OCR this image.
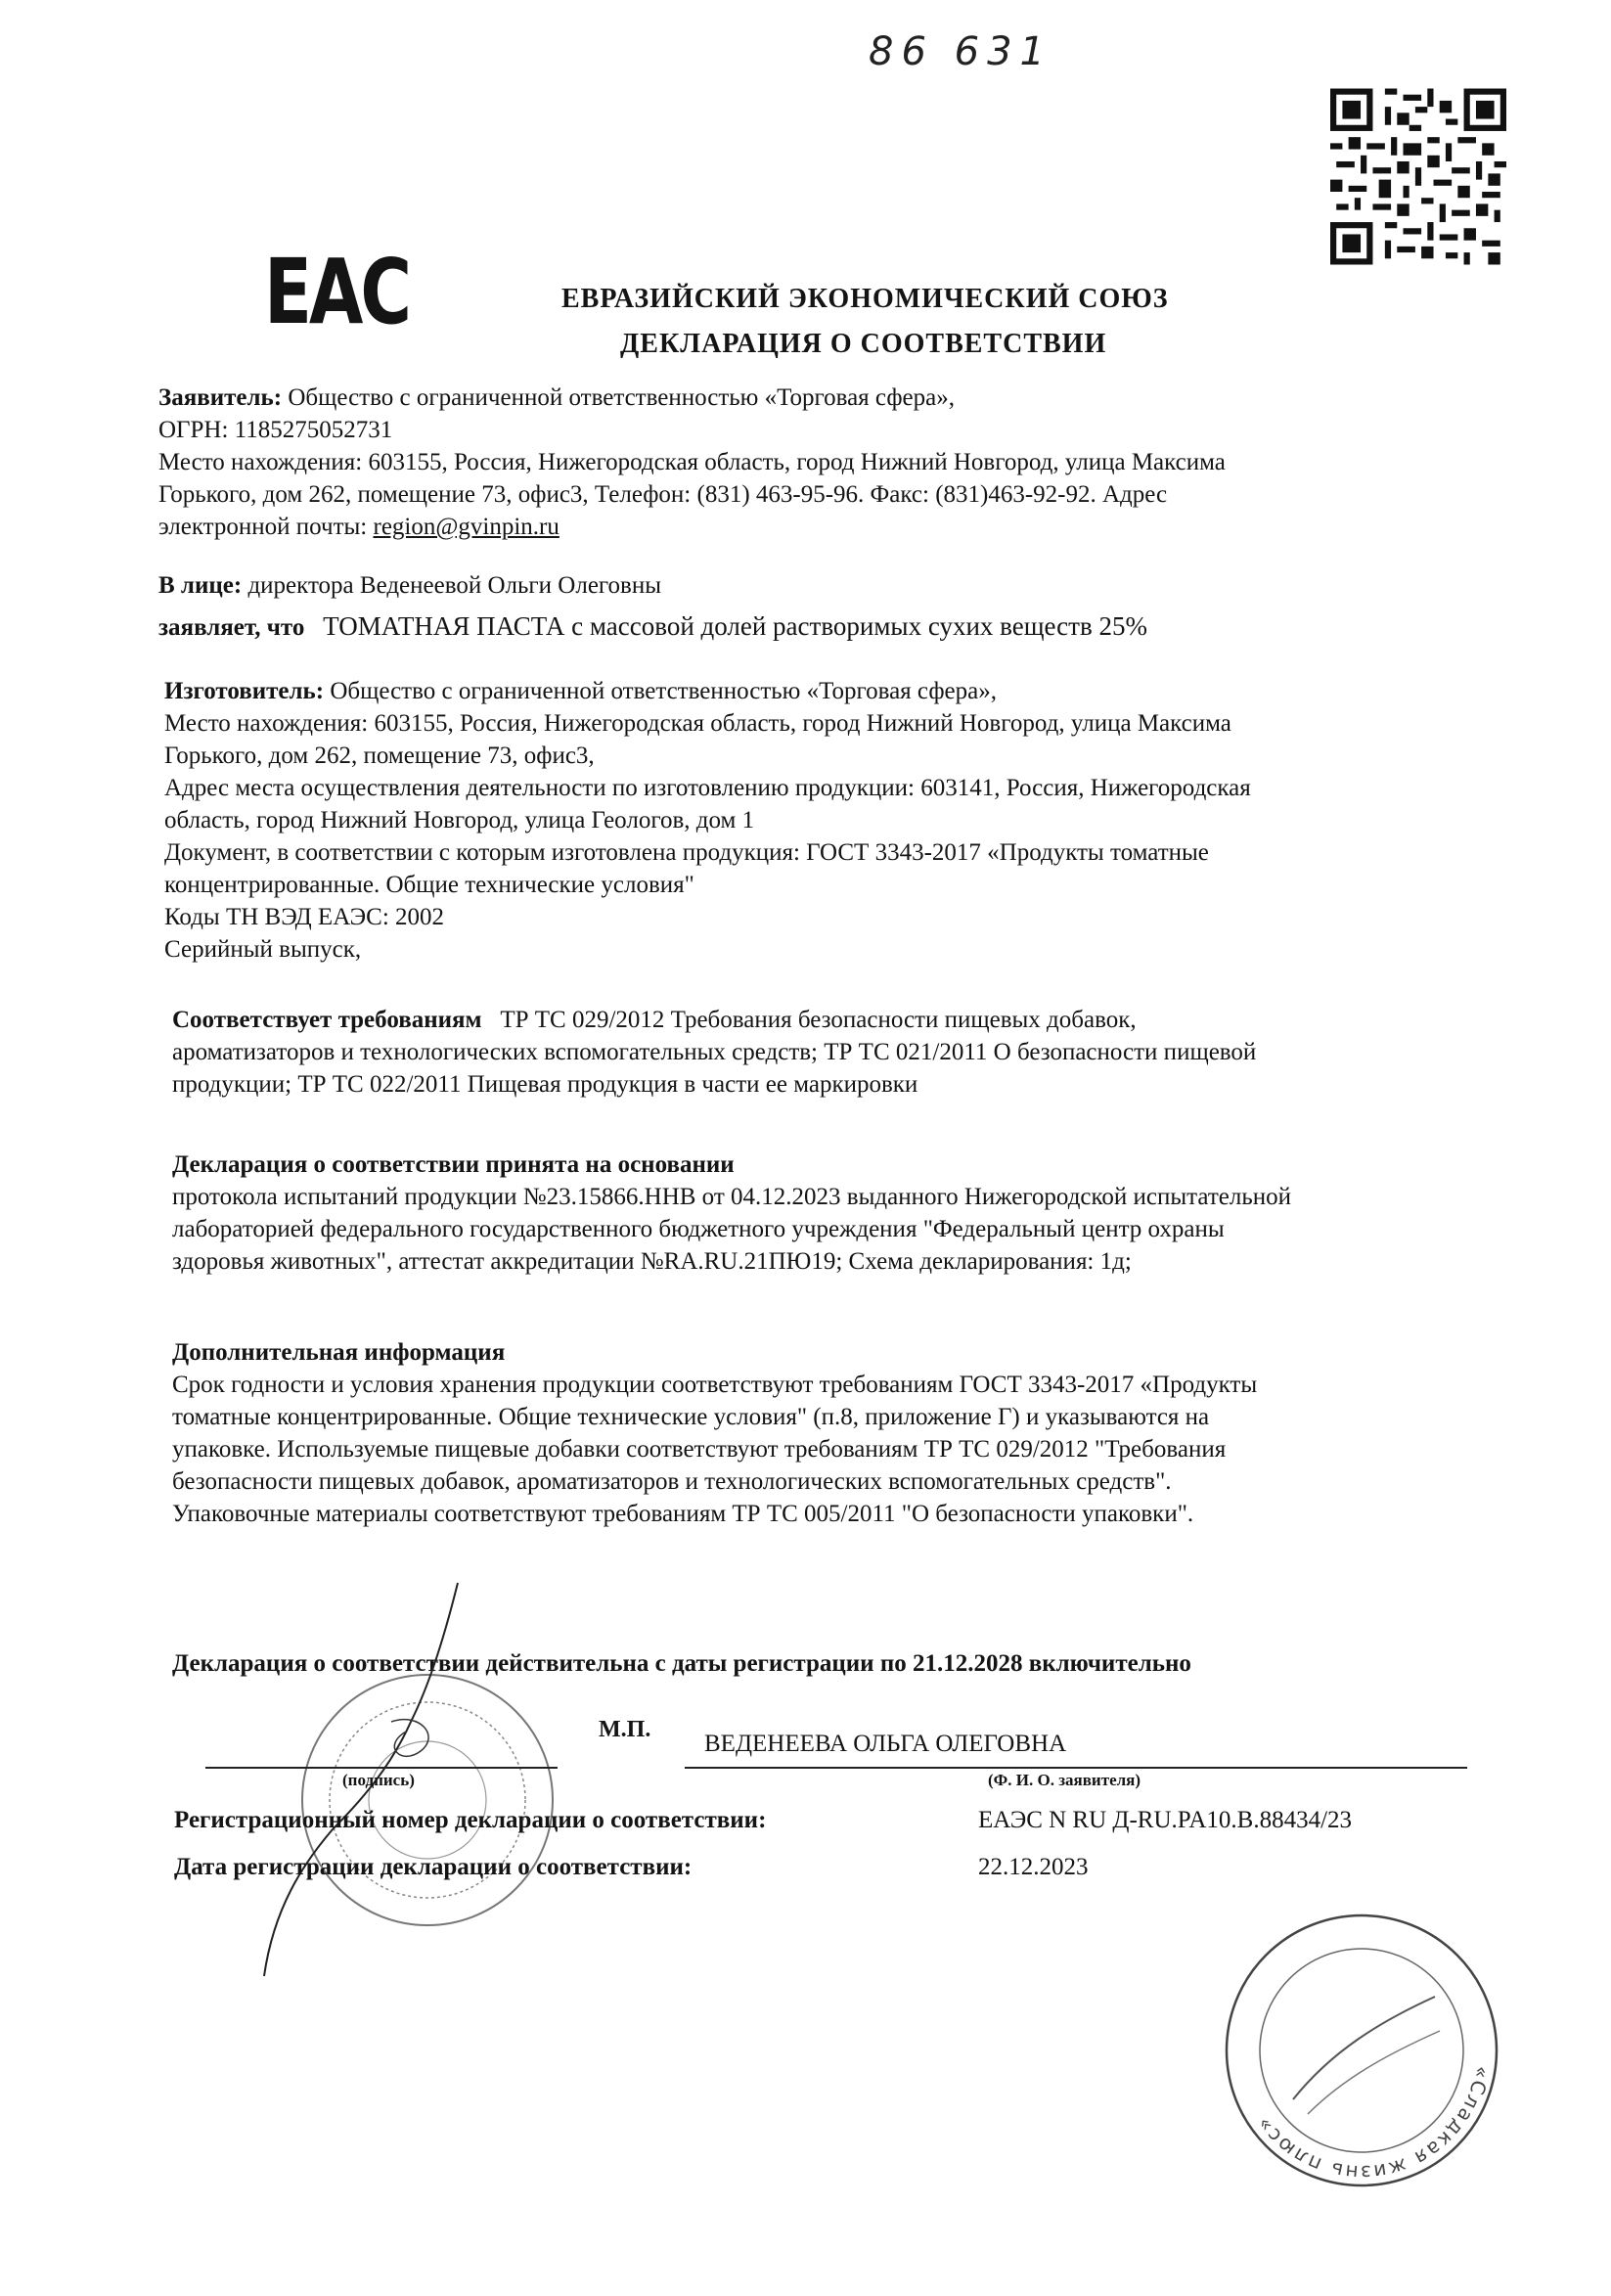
86 631
EAC	ЕВРАЗИЙСКИЙ ЭКОНОМИЧЕСКИЙ СОЮЗ
ДЕКЛАРАЦИЯ О СООТВЕТСТВИИ
Заявитель: Общество с ограниченной ответственностью «Торговая сфера»,
ОГРН: 1185275052731
Место нахождения: 603155, Россия, Нижегородская область, город Нижний Новгород, улица Максима
Горького, дом 262, помещение 73, офис3, Телефон: (831) 463-95-96. Факс: (831)463-92-92. Адрес
электронной почты: region@gvinpin.ru
В лице: директора Веденеевой Ольги Олеговны
заявляет, что ТОМАТНАЯ ПАСТА с массовой долей растворимых сухих веществ 25%
Изготовитель: Общество с ограниченной ответственностью «Торговая сфера»,
Место нахождения: 603155, Россия, Нижегородская область, город Нижний Новгород, улица Максима
Горького, дом 262, помещение 73, офис3,
Адрес места осуществления деятельности по изготовлению продукции: 603141, Россия, Нижегородская
область, город Нижний Новгород, улица Геологов, дом 1
Документ, в соответствии с которым изготовлена продукция: ГОСТ 3343-2017 «Продукты томатные
концентрированные. Общие технические условия"
Коды ТН ВЭД ЕАЭС: 2002
Серийный выпуск,
Соответствует требованиям ТР ТС 029/2012 Требования безопасности пищевых добавок,
ароматизаторов и технологических вспомогательных средств; ТР ТС 021/2011 О безопасности пищевой
продукции; ТР ТС 022/2011 Пищевая продукция в части ее маркировки
Декларация о соответствии принята на основании
протокола испытаний продукции №23.15866.ННВ от 04.12.2023 выданного Нижегородской испытательной
лабораторией федерального государственного бюджетного учреждения "Федеральный центр охраны
здоровья животных", аттестат аккредитации №RA.RU.21ПЮ19; Схема декларирования: 1д;
Дополнительная информация
Срок годности и условия хранения продукции соответствуют требованиям ГОСТ 3343-2017 «Продукты
томатные концентрированные. Общие технические условия" (п.8, приложение Г) и указываются на
упаковке. Используемые пищевые добавки соответствуют требованиям ТР ТС 029/2012 "Требования
безопасности пищевых добавок, ароматизаторов и технологических вспомогательных средств".
Упаковочные материалы соответствуют требованиям ТР ТС 005/2011 "О безопасности упаковки".
Декларация о соответствии действительна с даты регистрации по 21.12.2028 включительно
М.П.
ВЕДЕНЕЕВА ОЛЬГА ОЛЕГОВНА
(подпись)	(Ф. И. О. заявителя)
Регистрационный номер декларации о соответствии:	ЕАЭС N RU Д-RU.PA10.B.88434/23
Дата регистрации декларации о соответствии:	22.12.2023
«Сладкая жизнь плюс»
